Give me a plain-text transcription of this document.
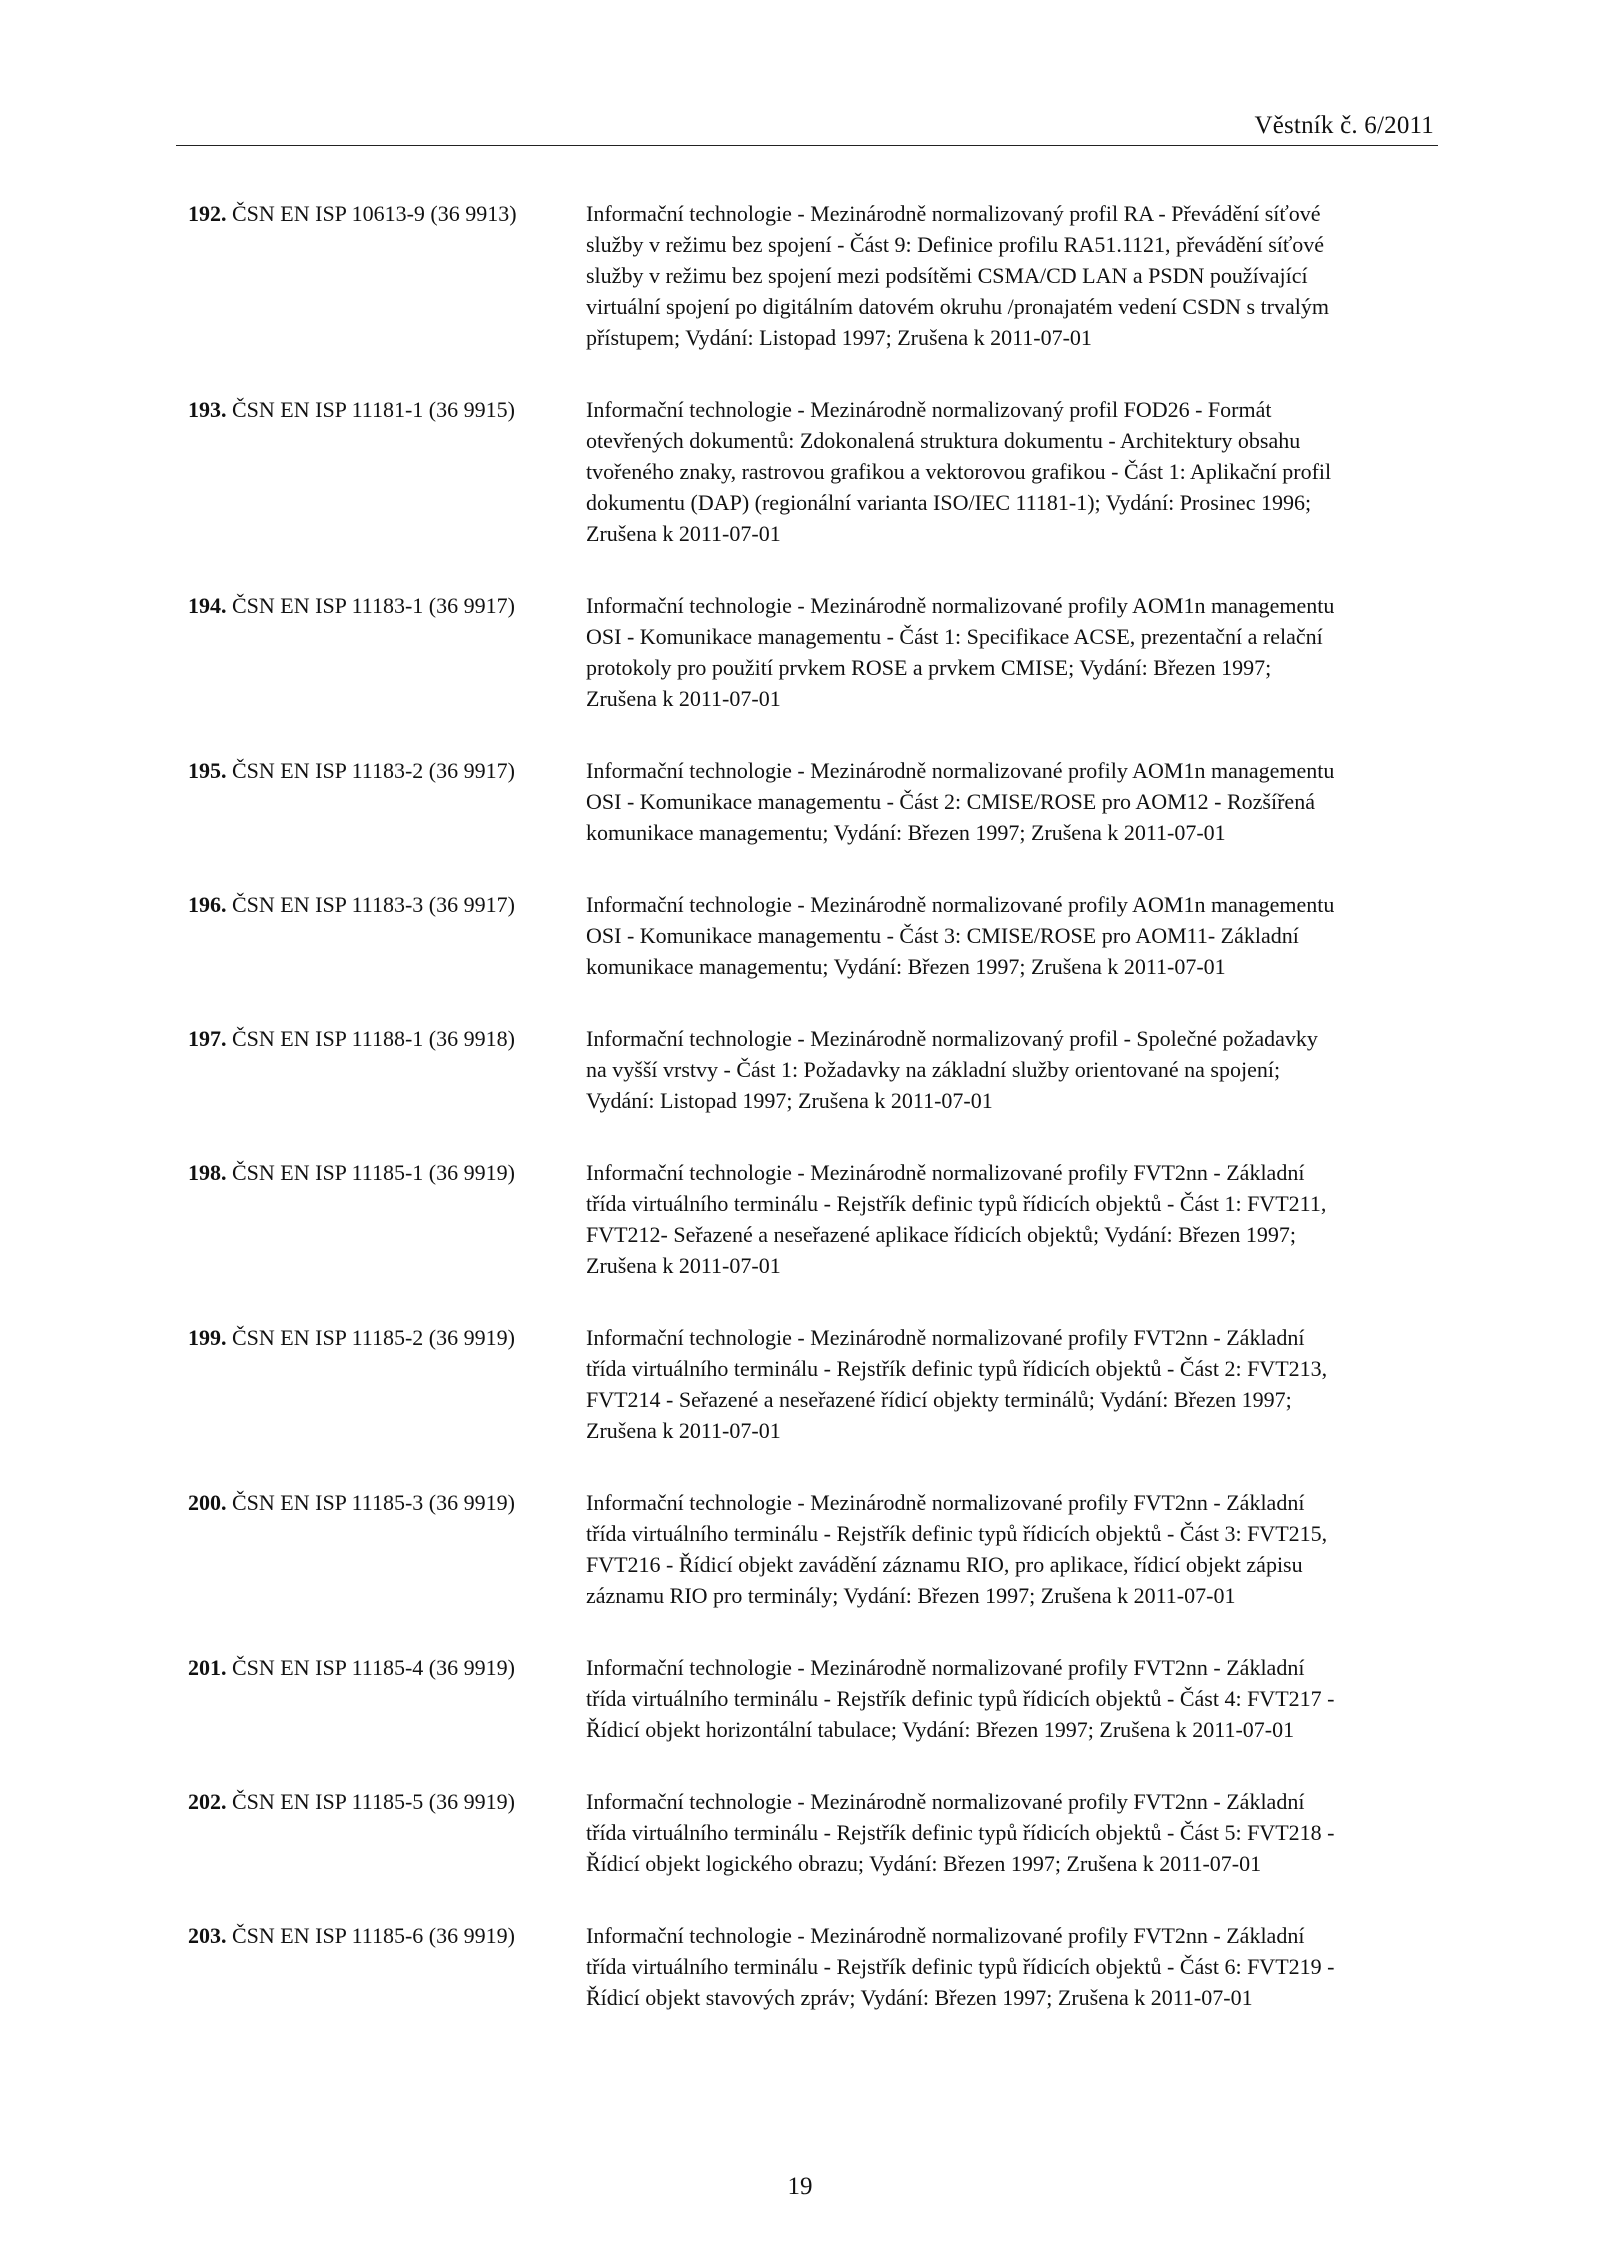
Věstník č. 6/2011
192. ČSN EN ISP 10613-9 (36 9913)	Informační technologie - Mezinárodně normalizovaný profil RA - Převádění síťové
služby v režimu bez spojení - Část 9: Definice profilu RA51.1121, převádění síťové
služby v režimu bez spojení mezi podsítěmi CSMA/CD LAN a PSDN používající
virtuální spojení po digitálním datovém okruhu /pronajatém vedení CSDN s trvalým
přístupem; Vydání: Listopad 1997; Zrušena k 2011-07-01
193. ČSN EN ISP 11181-1 (36 9915)	Informační technologie - Mezinárodně normalizovaný profil FOD26 - Formát
otevřených dokumentů: Zdokonalená struktura dokumentu - Architektury obsahu
tvořeného znaky, rastrovou grafikou a vektorovou grafikou - Část 1: Aplikační profil
dokumentu (DAP) (regionální varianta ISO/IEC 11181-1); Vydání: Prosinec 1996;
Zrušena k 2011-07-01
194. ČSN EN ISP 11183-1 (36 9917)	Informační technologie - Mezinárodně normalizované profily AOM1n managementu
OSI - Komunikace managementu - Část 1: Specifikace ACSE, prezentační a relační
protokoly pro použití prvkem ROSE a prvkem CMISE; Vydání: Březen 1997;
Zrušena k 2011-07-01
195. ČSN EN ISP 11183-2 (36 9917)	Informační technologie - Mezinárodně normalizované profily AOM1n managementu
OSI - Komunikace managementu - Část 2: CMISE/ROSE pro AOM12 - Rozšířená
komunikace managementu; Vydání: Březen 1997; Zrušena k 2011-07-01
196. ČSN EN ISP 11183-3 (36 9917)	Informační technologie - Mezinárodně normalizované profily AOM1n managementu
OSI - Komunikace managementu - Část 3: CMISE/ROSE pro AOM11- Základní
komunikace managementu; Vydání: Březen 1997; Zrušena k 2011-07-01
197. ČSN EN ISP 11188-1 (36 9918)	Informační technologie - Mezinárodně normalizovaný profil - Společné požadavky
na vyšší vrstvy - Část 1: Požadavky na základní služby orientované na spojení;
Vydání: Listopad 1997; Zrušena k 2011-07-01
198. ČSN EN ISP 11185-1 (36 9919)	Informační technologie - Mezinárodně normalizované profily FVT2nn - Základní
třída virtuálního terminálu - Rejstřík definic typů řídicích objektů - Část 1: FVT211,
FVT212- Seřazené a neseřazené aplikace řídicích objektů; Vydání: Březen 1997;
Zrušena k 2011-07-01
199. ČSN EN ISP 11185-2 (36 9919)	Informační technologie - Mezinárodně normalizované profily FVT2nn - Základní
třída virtuálního terminálu - Rejstřík definic typů řídicích objektů - Část 2: FVT213,
FVT214 - Seřazené a neseřazené řídicí objekty terminálů; Vydání: Březen 1997;
Zrušena k 2011-07-01
200. ČSN EN ISP 11185-3 (36 9919)	Informační technologie - Mezinárodně normalizované profily FVT2nn - Základní
třída virtuálního terminálu - Rejstřík definic typů řídicích objektů - Část 3: FVT215,
FVT216 - Řídicí objekt zavádění záznamu RIO, pro aplikace, řídicí objekt zápisu
záznamu RIO pro terminály; Vydání: Březen 1997; Zrušena k 2011-07-01
201. ČSN EN ISP 11185-4 (36 9919)	Informační technologie - Mezinárodně normalizované profily FVT2nn - Základní
třída virtuálního terminálu - Rejstřík definic typů řídicích objektů - Část 4: FVT217 -
Řídicí objekt horizontální tabulace; Vydání: Březen 1997; Zrušena k 2011-07-01
202. ČSN EN ISP 11185-5 (36 9919)	Informační technologie - Mezinárodně normalizované profily FVT2nn - Základní
třída virtuálního terminálu - Rejstřík definic typů řídicích objektů - Část 5: FVT218 -
Řídicí objekt logického obrazu; Vydání: Březen 1997; Zrušena k 2011-07-01
203. ČSN EN ISP 11185-6 (36 9919)	Informační technologie - Mezinárodně normalizované profily FVT2nn - Základní
třída virtuálního terminálu - Rejstřík definic typů řídicích objektů - Část 6: FVT219 -
Řídicí objekt stavových zpráv; Vydání: Březen 1997; Zrušena k 2011-07-01
19
